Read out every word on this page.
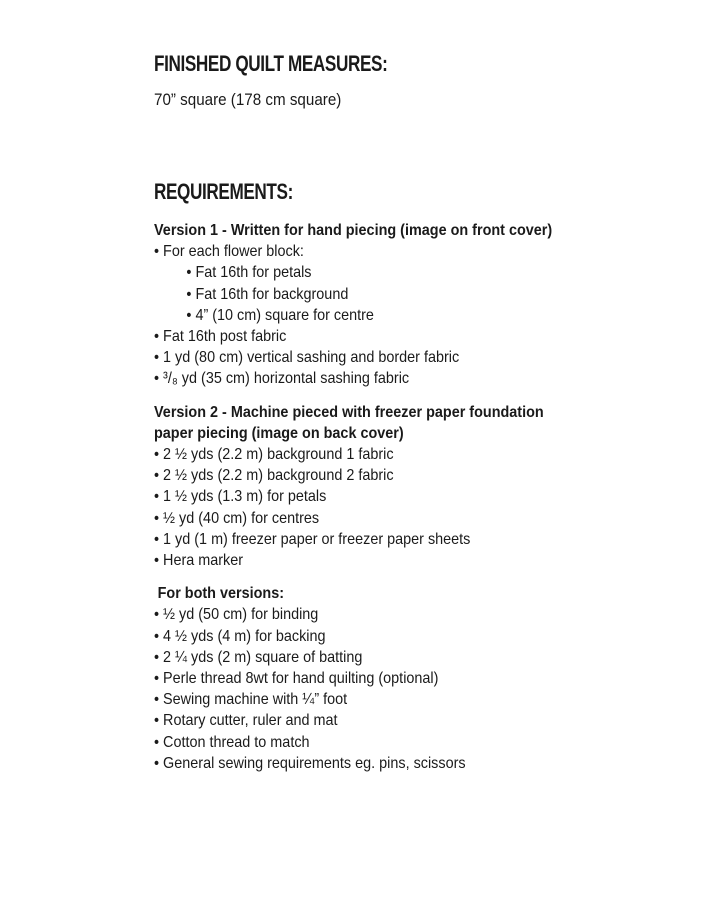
FINISHED QUILT MEASURES:
70” square (178 cm square)
REQUIREMENTS:
Version 1 - Written for hand piecing (image on front cover)
• For each flower block:
• Fat 16th for petals
• Fat 16th for background
• 4” (10 cm) square for centre
• Fat 16th post fabric
• 1 yd (80 cm) vertical sashing and border fabric
• ³/₈ yd (35 cm) horizontal sashing fabric
Version 2 - Machine pieced with freezer paper foundation
paper piecing (image on back cover)
• 2 ½ yds (2.2 m) background 1 fabric
• 2 ½ yds (2.2 m) background 2 fabric
• 1 ½ yds (1.3 m) for petals
• ½ yd (40 cm) for centres
• 1 yd (1 m) freezer paper or freezer paper sheets
• Hera marker
For both versions:
• ½ yd (50 cm) for binding
• 4 ½ yds (4 m) for backing
• 2 ¼ yds (2 m) square of batting
• Perle thread 8wt for hand quilting (optional)
• Sewing machine with ¼” foot
• Rotary cutter, ruler and mat
• Cotton thread to match
• General sewing requirements eg. pins, scissors
